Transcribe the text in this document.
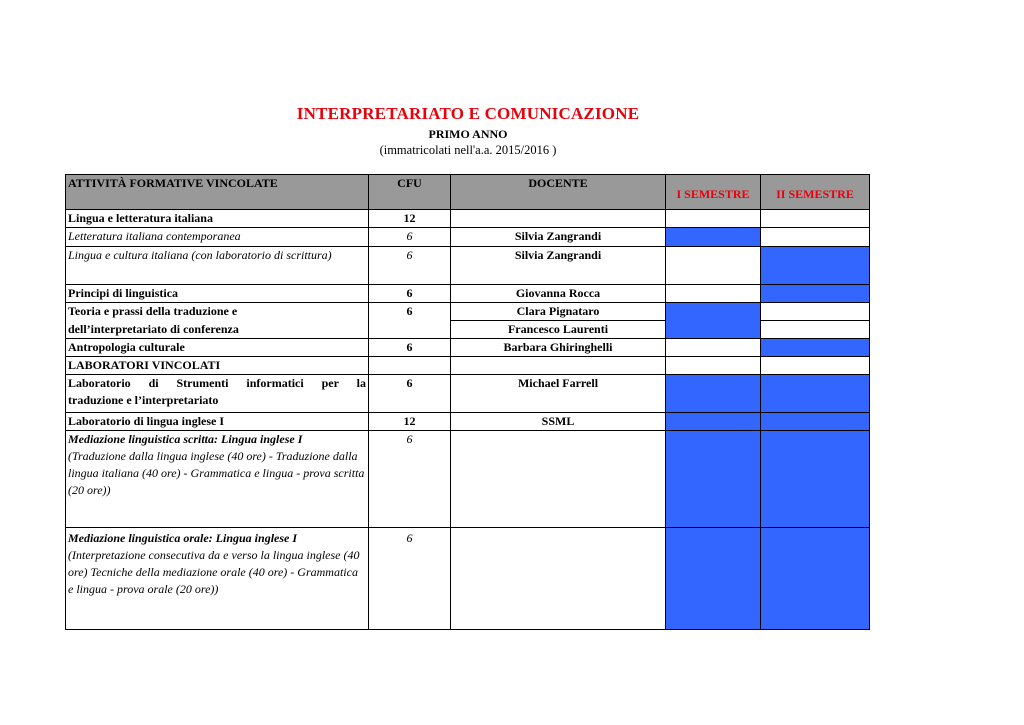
INTERPRETARIATO E COMUNICAZIONE
PRIMO ANNO
(immatricolati nell'a.a. 2015/2016 )
ATTIVITÀ FORMATIVE VINCOLATE	CFU	DOCENTE	I SEMESTRE	II SEMESTRE
Lingua e letteratura italiana	12			
Letteratura italiana contemporanea	6	Silvia Zangrandi		
Lingua e cultura italiana (con laboratorio di scrittura)	6	Silvia Zangrandi		
Principi di linguistica	6	Giovanna Rocca		
Teoria e prassi della traduzione e	6	Clara Pignataro		
dell’interpretariato di conferenza		Francesco Laurenti		
Antropologia culturale	6	Barbara Ghiringhelli		
LABORATORI VINCOLATI				

Laboratorio di Strumenti informatici per la
traduzione e l’interpretariato	6	Michael Farrell		
Laboratorio di lingua inglese I	12	SSML		

Mediazione linguistica scritta: Lingua inglese I
(Traduzione dalla lingua inglese (40 ore) - Traduzione dalla lingua italiana (40 ore) - Grammatica e lingua - prova scritta (20 ore))	6			

Mediazione linguistica orale: Lingua inglese I
(Interpretazione consecutiva da e verso la lingua inglese (40 ore) Tecniche della mediazione orale (40 ore) - Grammatica e lingua - prova orale (20 ore))	6			
